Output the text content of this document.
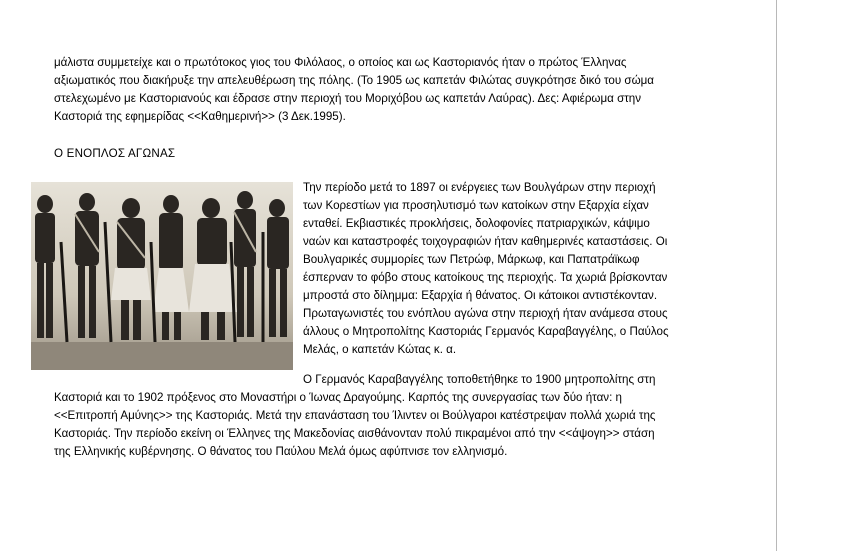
μάλιστα συμμετείχε και ο πρωτότοκος γιος του Φιλόλαος, ο οποίος και ως Καστοριανός ήταν ο πρώτος Έλληνας
αξιωματικός που διακήρυξε την απελευθέρωση της πόλης. (Το 1905 ως καπετάν Φιλώτας συγκρότησε δικό του σώμα
στελεχωμένο με Καστοριανούς και έδρασε στην περιοχή του Μοριχόβου ως καπετάν Λαύρας). Δες: Αφιέρωμα στην
Καστοριά της εφημερίδας <<Καθημερινή>> (3 Δεκ.1995).
Ο ΕΝΟΠΛΟΣ ΑΓΩΝΑΣ
Την περίοδο μετά το 1897 οι ενέργειες των Βουλγάρων στην περιοχή
των Κορεστίων για προσηλυτισμό των κατοίκων στην Εξαρχία είχαν
ενταθεί. Εκβιαστικές προκλήσεις, δολοφονίες πατριαρχικών, κάψιμο
ναών και καταστροφές τοιχογραφιών ήταν καθημερινές καταστάσεις. Οι
Βουλγαρικές συμμορίες των Πετρώφ, Μάρκωφ, και Παπατράϊκωφ
έσπερναν το φόβο στους κατοίκους της περιοχής. Τα χωριά βρίσκονταν
μπροστά στο δίλημμα: Εξαρχία ή θάνατος. Οι κάτοικοι αντιστέκονταν.
Πρωταγωνιστές του ενόπλου αγώνα στην περιοχή ήταν ανάμεσα στους
άλλους ο Μητροπολίτης Καστοριάς Γερμανός Καραβαγγέλης, ο Παύλος
Μελάς, ο καπετάν Κώτας κ. α.
Ο Γερμανός Καραβαγγέλης τοποθετήθηκε το 1900 μητροπολίτης στη
Καστοριά και το 1902 πρόξενος στο Μοναστήρι ο Ίωνας Δραγούμης. Καρπός της συνεργασίας των δύο ήταν: η
<<Επιτροπή Αμύνης>> της Καστοριάς. Μετά την επανάσταση του Ίλιντεν οι Βούλγαροι κατέστρεψαν πολλά χωριά της
Καστοριάς. Την περίοδο εκείνη οι Έλληνες της Μακεδονίας αισθάνονταν πολύ πικραμένοι από την <<άψογη>> στάση
της Ελληνικής κυβέρνησης. Ο θάνατος του Παύλου Μελά όμως αφύπνισε τον ελληνισμό.
